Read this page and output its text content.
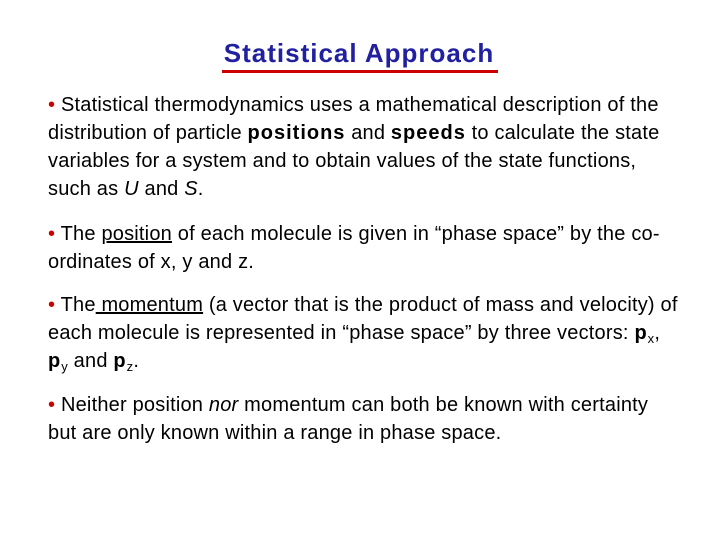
Statistical Approach
• Statistical thermodynamics uses a mathematical description of the distribution of particle positions and speeds to calculate the state variables for a system and to obtain values of the state functions, such as U and S.
• The position of each molecule is given in “phase space” by the co-ordinates of x, y and z.
• The momentum (a vector that is the product of mass and velocity) of each molecule is represented in “phase space” by three vectors: $p_x$, $p_y$ and $p_z$.
• Neither position nor momentum can both be known with certainty but are only known within a range in phase space.
